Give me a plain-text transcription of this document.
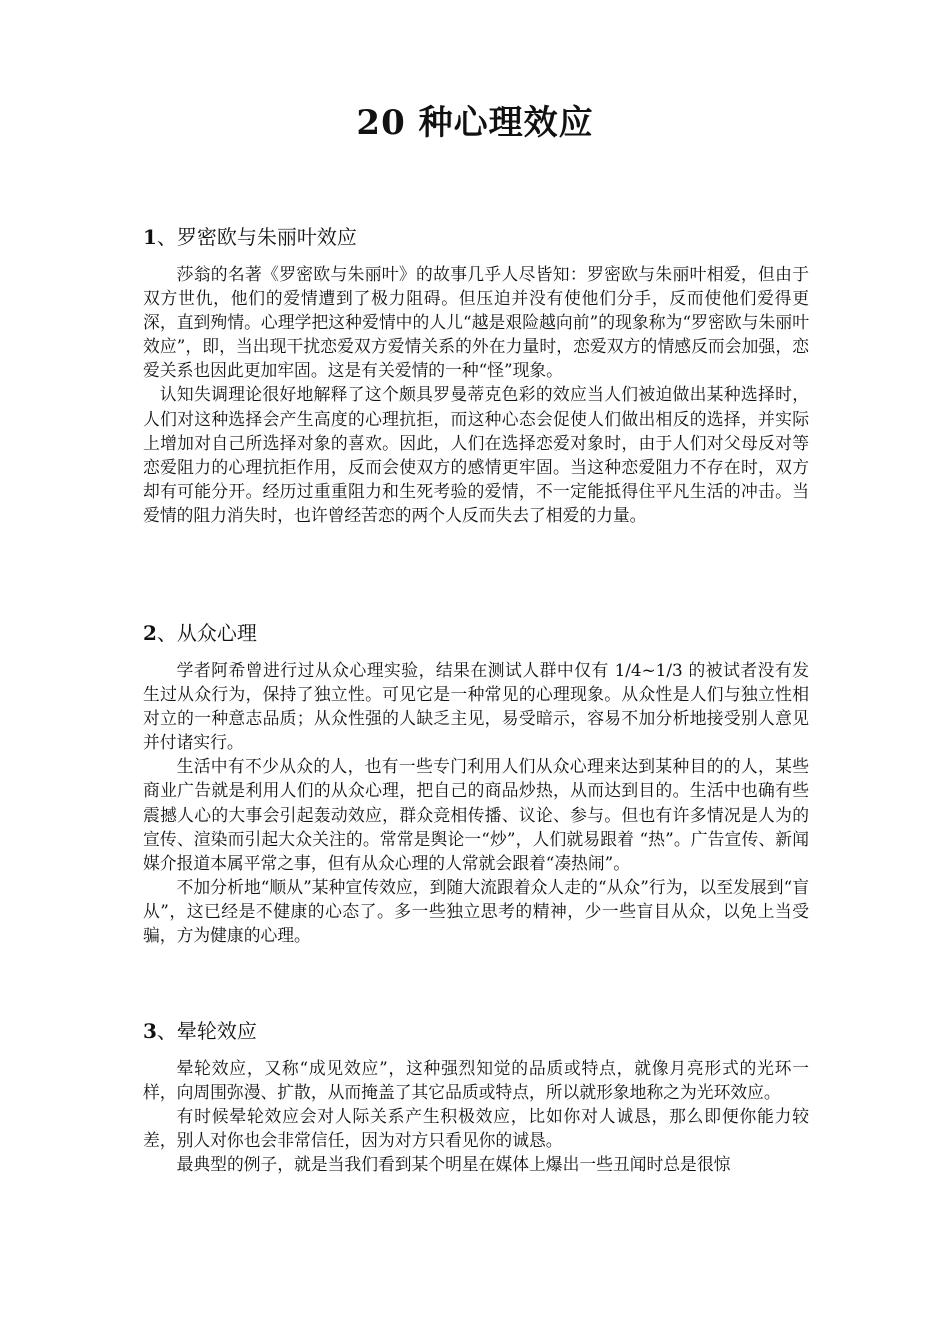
20 种心理效应
1、罗密欧与朱丽叶效应

莎翁的名著《罗密欧与朱丽叶》的故事几乎人尽皆知：罗密欧与朱丽叶相爱，但由于双方世仇，他们的爱情遭到了极力阻碍。但压迫并没有使他们分手，反而使他们爱得更深，直到殉情。心理学把这种爱情中的人儿“越是艰险越向前”的现象称为“罗密欧与朱丽叶效应”，即，当出现干扰恋爱双方爱情关系的外在力量时，恋爱双方的情感反而会加强，恋爱关系也因此更加牢固。这是有关爱情的一种“怪”现象。

认知失调理论很好地解释了这个颇具罗曼蒂克色彩的效应当人们被迫做出某种选择时，人们对这种选择会产生高度的心理抗拒，而这种心态会促使人们做出相反的选择，并实际上增加对自己所选择对象的喜欢。因此，人们在选择恋爱对象时，由于人们对父母反对等恋爱阻力的心理抗拒作用，反而会使双方的感情更牢固。当这种恋爱阻力不存在时，双方却有可能分开。经历过重重阻力和生死考验的爱情，不一定能抵得住平凡生活的冲击。当爱情的阻力消失时，也许曾经苦恋的两个人反而失去了相爱的力量。

2、从众心理

学者阿希曾进行过从众心理实验，结果在测试人群中仅有 1/4~1/3 的被试者没有发生过从众行为，保持了独立性。可见它是一种常见的心理现象。从众性是人们与独立性相对立的一种意志品质；从众性强的人缺乏主见，易受暗示，容易不加分析地接受别人意见并付诸实行。

生活中有不少从众的人，也有一些专门利用人们从众心理来达到某种目的的人，某些商业广告就是利用人们的从众心理，把自己的商品炒热，从而达到目的。生活中也确有些震撼人心的大事会引起轰动效应，群众竞相传播、议论、参与。但也有许多情况是人为的宣传、渲染而引起大众关注的。常常是舆论一“炒”，人们就易跟着 “热”。广告宣传、新闻媒介报道本属平常之事，但有从众心理的人常就会跟着“凑热闹”。

不加分析地“顺从”某种宣传效应，到随大流跟着众人走的“从众”行为，以至发展到“盲从”，这已经是不健康的心态了。多一些独立思考的精神，少一些盲目从众，以免上当受骗，方为健康的心理。

3、晕轮效应

晕轮效应，又称“成见效应”，这种强烈知觉的品质或特点，就像月亮形式的光环一样，向周围弥漫、扩散，从而掩盖了其它品质或特点，所以就形象地称之为光环效应。

有时候晕轮效应会对人际关系产生积极效应，比如你对人诚恳，那么即便你能力较差，别人对你也会非常信任，因为对方只看见你的诚恳。

最典型的例子，就是当我们看到某个明星在媒体上爆出一些丑闻时总是很惊
